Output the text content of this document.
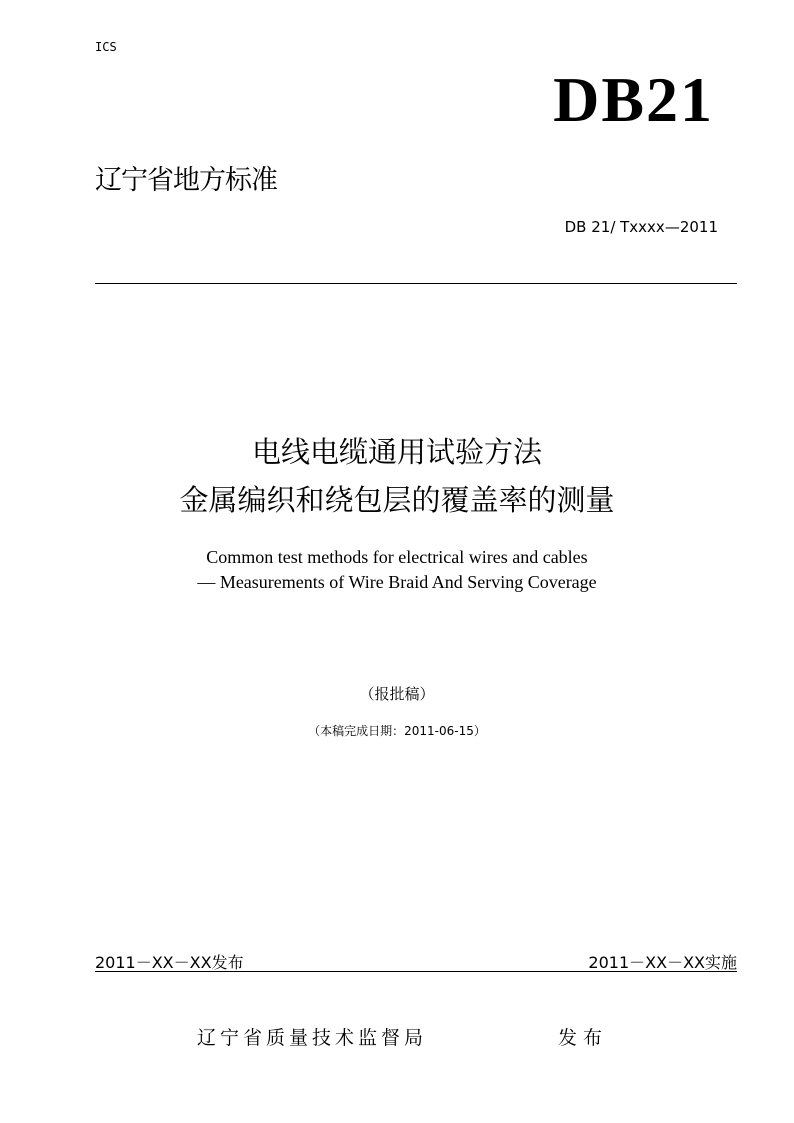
ICS
DB21
辽宁省地方标准
DB 21/ Txxxx—2011
电线电缆通用试验方法
金属编织和绕包层的覆盖率的测量
Common test methods for electrical wires and cables
— Measurements of Wire Braid And Serving Coverage
（报批稿）
（本稿完成日期：2011-06-15）
2011－XX－XX发布	2011－XX－XX实施
辽宁省质量技术监督局	发布
